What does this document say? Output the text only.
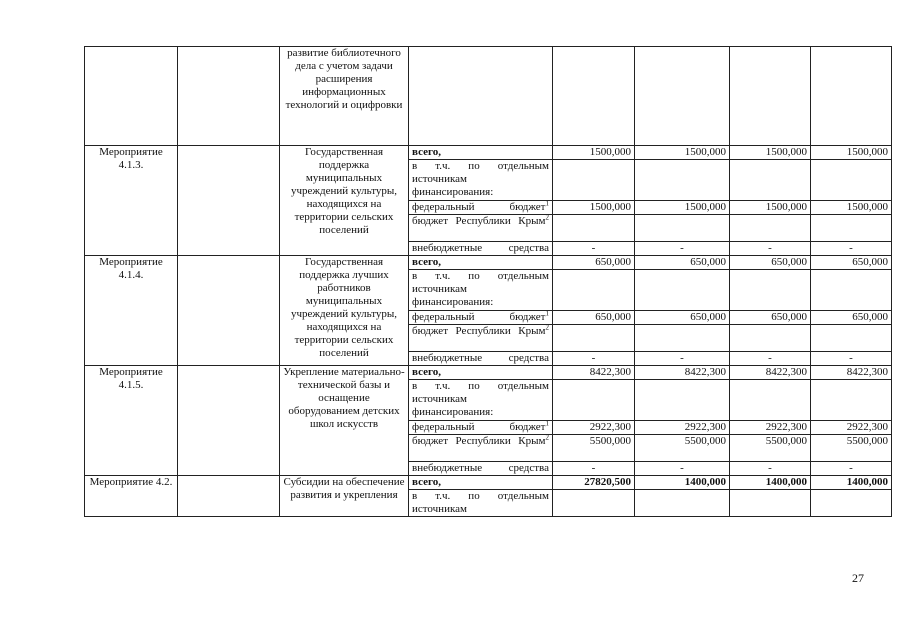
		развитие библиотечного дела с учетом задачи расширения информационных технологий и оцифровки					
Мероприятие 4.1.3.		Государственная поддержка муниципальных учреждений культуры, находящихся на территории сельских поселений	всего,	1500,000	1500,000	1500,000	1500,000
			в т.ч. по отдельным источникам финансирования:				
			федеральный бюджет$^1$	1500,000	1500,000	1500,000	1500,000
			бюджет Республики Крым$^2$				
			внебюджетные средства	-	-	-	-
Мероприятие 4.1.4.		Государственная поддержка лучших работников муниципальных учреждений культуры, находящихся на территории сельских поселений	всего,	650,000	650,000	650,000	650,000
			в т.ч. по отдельным источникам финансирования:				
			федеральный бюджет$^1$	650,000	650,000	650,000	650,000
			бюджет Республики Крым$^2$				
			внебюджетные средства	-	-	-	-
Мероприятие 4.1.5.		Укрепление материально-технической базы и оснащение оборудованием детских школ искусств	всего,	8422,300	8422,300	8422,300	8422,300
			в т.ч. по отдельным источникам финансирования:				
			федеральный бюджет$^1$	2922,300	2922,300	2922,300	2922,300
			бюджет Республики Крым$^2$	5500,000	5500,000	5500,000	5500,000
			внебюджетные средства	-	-	-	-
Мероприятие 4.2.		Субсидии на обеспечение развития и укрепления	всего,	27820,500	1400,000	1400,000	1400,000
			в т.ч. по отдельным источникам				
27
